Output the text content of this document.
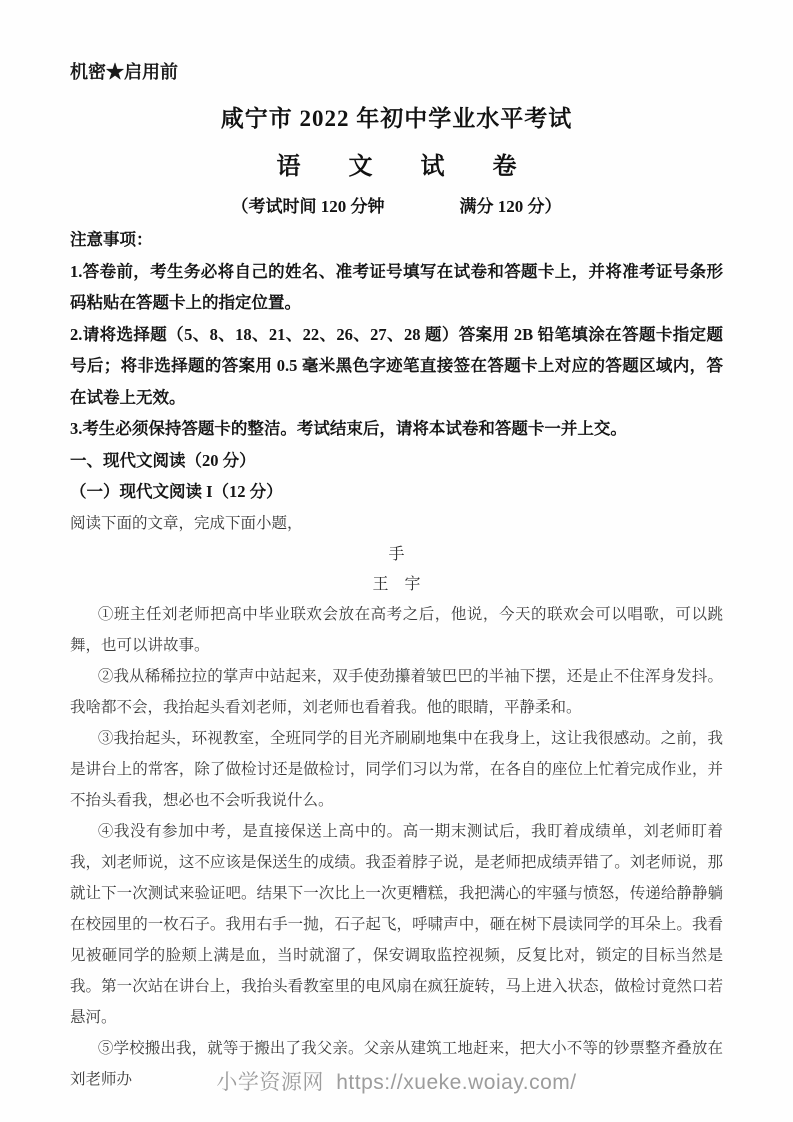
机密★启用前
咸宁市 2022 年初中学业水平考试
语　　文　　试　　卷
（考试时间 120 分钟	满分 120 分）
注意事项：

1.答卷前，考生务必将自己的姓名、准考证号填写在试卷和答题卡上，并将准考证号条形码粘贴在答题卡上的指定位置。

2.请将选择题（5、8、18、21、22、26、27、28 题）答案用 2B 铅笔填涂在答题卡指定题号后；将非选择题的答案用 0.5 毫米黑色字迹笔直接签在答题卡上对应的答题区域内，答在试卷上无效。

3.考生必须保持答题卡的整洁。考试结束后，请将本试卷和答题卡一并上交。

一、现代文阅读（20 分）
（一）现代文阅读 I（12 分）

阅读下面的文章，完成下面小题，

手
王　宇

①班主任刘老师把高中毕业联欢会放在高考之后，他说，今天的联欢会可以唱歌，可以跳舞，也可以讲故事。

②我从稀稀拉拉的掌声中站起来，双手使劲攥着皱巴巴的半袖下摆，还是止不住浑身发抖。我啥都不会，我抬起头看刘老师，刘老师也看着我。他的眼睛，平静柔和。

③我抬起头，环视教室，全班同学的目光齐刷刷地集中在我身上，这让我很感动。之前，我是讲台上的常客，除了做检讨还是做检讨，同学们习以为常，在各自的座位上忙着完成作业，并不抬头看我，想必也不会听我说什么。

④我没有参加中考，是直接保送上高中的。高一期末测试后，我盯着成绩单，刘老师盯着我，刘老师说，这不应该是保送生的成绩。我歪着脖子说，是老师把成绩弄错了。刘老师说，那就让下一次测试来验证吧。结果下一次比上一次更糟糕，我把满心的牢骚与愤怒，传递给静静躺在校园里的一枚石子。我用右手一抛，石子起飞，呼啸声中，砸在树下晨读同学的耳朵上。我看见被砸同学的脸颊上满是血，当时就溜了，保安调取监控视频，反复比对，锁定的目标当然是我。第一次站在讲台上，我抬头看教室里的电风扇在疯狂旋转，马上进入状态，做检讨竟然口若悬河。

⑤学校搬出我，就等于搬出了我父亲。父亲从建筑工地赶来，把大小不等的钞票整齐叠放在刘老师办	小学资源网 https://xueke.woiay.com/
